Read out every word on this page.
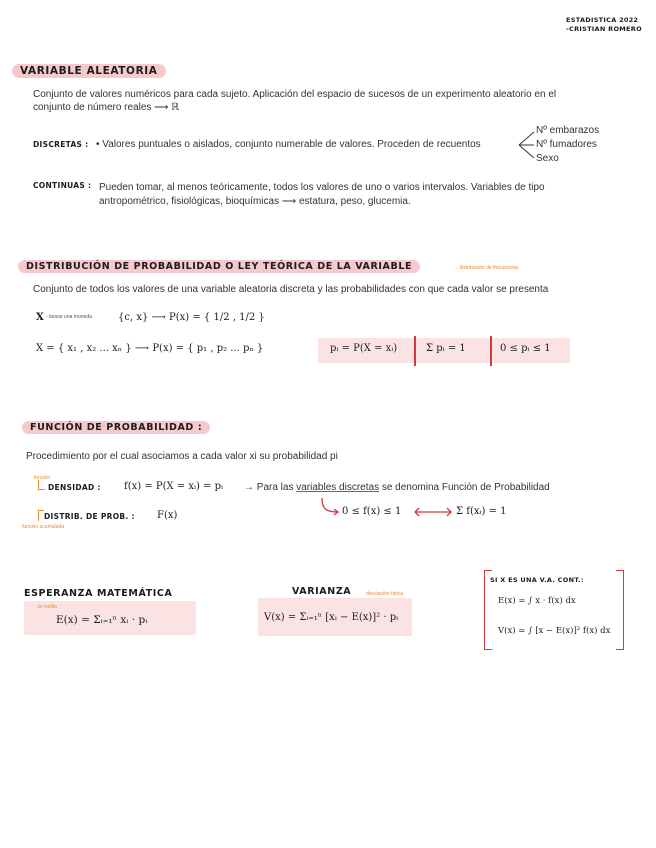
ESTADISTICA 2022
-CRISTIAN ROMERO
VARIABLE ALEATORIA
Conjunto de valores numéricos para cada sujeto. Aplicación del espacio de sucesos de un experimento aleatorio en el
conjunto de número reales ⟶ ℝ
DISCRETAS : • Valores puntuales o aislados, conjunto numerable de valores. Proceden de recuentos
Nº embarazos
Nº fumadores
Sexo
CONTINUAS : Pueden tomar, al menos teóricamente, todos los valores de uno o varios intervalos. Variables de tipo
antropométrico, fisiológicas, bioquímicas ⟶ estatura, peso, glucemia.
DISTRIBUCIÓN DE PROBABILIDAD O LEY TEÓRICA DE LA VARIABLE	→ distribución de frecuencias
Conjunto de todos los valores de una variable aleatoria discreta y las probabilidades con que cada valor se presenta
X - lanzar una moneda	{c, x} ⟶ P(x) = { 1/2 , 1/2 }
X = { x₁ , x₂ ... xₙ } ⟶ P(x) = { p₁ , p₂ ... pₙ }	pᵢ = P(X = xᵢ)	Σ pᵢ = 1	0 ≤ pᵢ ≤ 1
FUNCIÓN DE PROBABILIDAD :
Procedimiento por el cual asociamos a cada valor xi su probabilidad pi
función
DENSIDAD : f(x) = P(X = xᵢ) = pᵢ → Para las variables discretas se denomina Función de Probabilidad
0 ≤ f(x) ≤ 1	Σ f(xᵢ) = 1
DISTRIB. DE PROB. : F(x)
función acumulada
ESPERANZA MATEMÁTICA
la media
E(x) = Σᵢ₌₁ⁿ xᵢ · pᵢ
VARIANZA	desviación típica
V(x) = Σᵢ₌₁ⁿ [xᵢ − E(x)]² · pᵢ
SI X ES UNA V.A. CONT.:
E(x) = ∫ x · f(x) dx
V(x) = ∫ [x − E(x)]² f(x) dx
